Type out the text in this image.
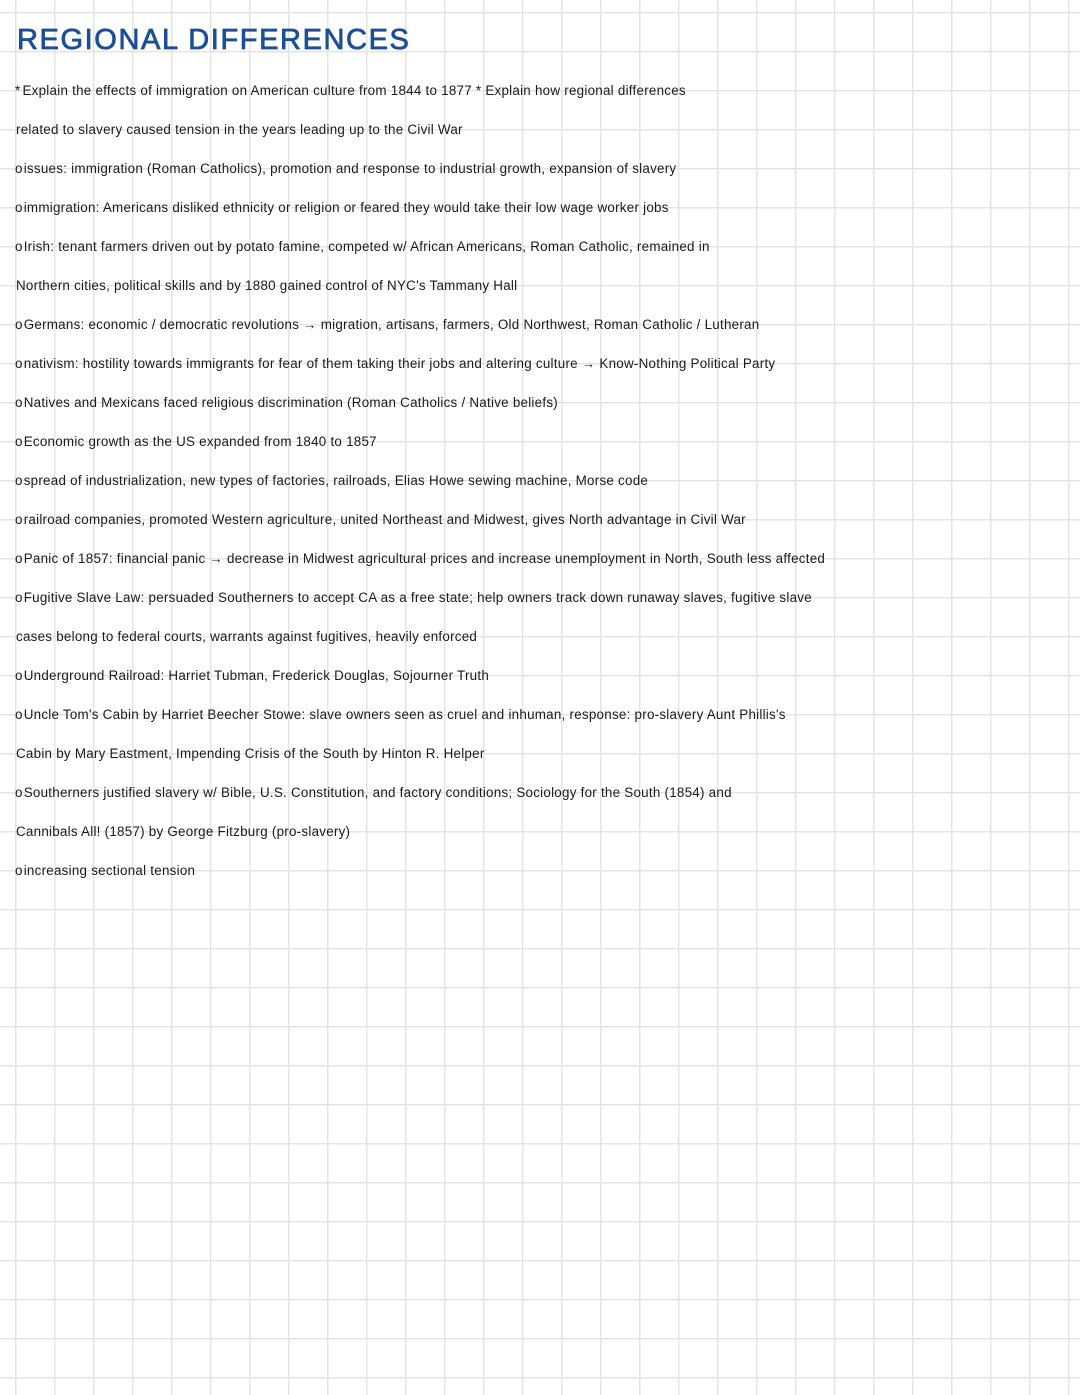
REGIONAL DIFFERENCES
* Explain the effects of immigration on American culture from 1844 to 1877 * Explain how regional differences
related to slavery caused tension in the years leading up to the Civil War
oissues: immigration (Roman Catholics), promotion and response to industrial growth, expansion of slavery
oimmigration: Americans disliked ethnicity or religion or feared they would take their low wage worker jobs
oIrish: tenant farmers driven out by potato famine, competed w/ African Americans, Roman Catholic, remained in
Northern cities, political skills and by 1880 gained control of NYC's Tammany Hall
oGermans: economic / democratic revolutions → migration, artisans, farmers, Old Northwest, Roman Catholic / Lutheran
onativism: hostility towards immigrants for fear of them taking their jobs and altering culture → Know-Nothing Political Party
oNatives and Mexicans faced religious discrimination (Roman Catholics / Native beliefs)
oEconomic growth as the US expanded from 1840 to 1857
ospread of industrialization, new types of factories, railroads, Elias Howe sewing machine, Morse code
orailroad companies, promoted Western agriculture, united Northeast and Midwest, gives North advantage in Civil War
oPanic of 1857: financial panic → decrease in Midwest agricultural prices and increase unemployment in North, South less affected
oFugitive Slave Law: persuaded Southerners to accept CA as a free state; help owners track down runaway slaves, fugitive slave
cases belong to federal courts, warrants against fugitives, heavily enforced
oUnderground Railroad: Harriet Tubman, Frederick Douglas, Sojourner Truth
oUncle Tom's Cabin by Harriet Beecher Stowe: slave owners seen as cruel and inhuman, response: pro-slavery Aunt Phillis's
Cabin by Mary Eastment, Impending Crisis of the South by Hinton R. Helper
oSoutherners justified slavery w/ Bible, U.S. Constitution, and factory conditions; Sociology for the South (1854) and
Cannibals All! (1857) by George Fitzburg (pro-slavery)
oincreasing sectional tension
